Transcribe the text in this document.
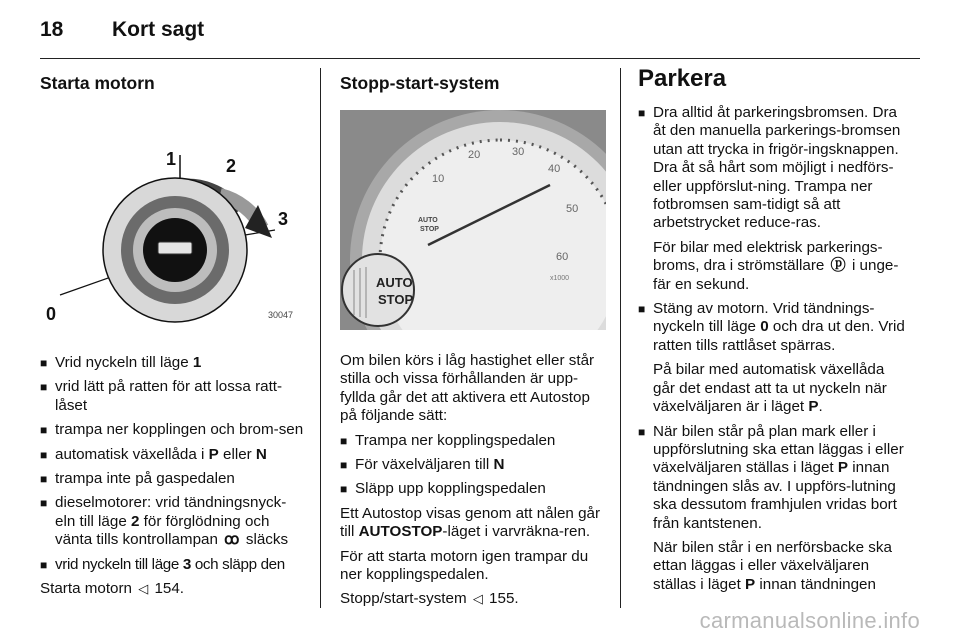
18 Kort sagt
Starta motorn
1	2
3
0	30047
■ Vrid nyckeln till läge 1
■ vrid lätt på ratten för att lossa ratt-låset
■ trampa ner kopplingen och brom-sen
■ automatisk växellåda i P eller N
■ trampa inte på gaspedalen
■ dieselmotorer: vrid tändningsnyck-eln till läge 2 för förglödning och vänta tills kontrollampan ꝏ släcks
■ vrid nyckeln till läge 3 och släpp den

Starta motorn ◁ 154.

Stopp-start-system
10
20	30
40
50
60
x1000
AUTO
STOP
AUTO
STOP

Om bilen körs i låg hastighet eller står stilla och vissa förhållanden är upp-fyllda går det att aktivera ett Autostop på följande sätt:

■ Trampa ner kopplingspedalen
■ För växelväljaren till N
■ Släpp upp kopplingspedalen

Ett Autostop visas genom att nålen går till AUTOSTOP-läget i varvräkna-ren.

För att starta motorn igen trampar du ner kopplingspedalen.

Stopp/start-system ◁ 155.

Parkera
■ Dra alltid åt parkeringsbromsen. Dra åt den manuella parkerings-bromsen utan att trycka in frigör-ingsknappen. Dra åt så hårt som möjligt i nedförs- eller uppförslut-ning. Trampa ner fotbromsen sam-tidigt så att arbetstrycket reduce-ras.

För bilar med elektrisk parkerings-broms, dra i strömställare ⓟ i unge-fär en sekund.

■ Stäng av motorn. Vrid tändnings-nyckeln till läge 0 och dra ut den. Vrid ratten tills rattlåset spärras.

På bilar med automatisk växellåda går det endast att ta ut nyckeln när växelväljaren är i läget P.

■ När bilen står på plan mark eller i uppförslutning ska ettan läggas i eller växelväljaren ställas i läget P innan tändningen slås av. I uppförs-lutning ska dessutom framhjulen vridas bort från kantstenen.

När bilen står i en nerförsbacke ska ettan läggas i eller växelväljaren ställas i läget P innan tändningen

carmanualsonline.info
